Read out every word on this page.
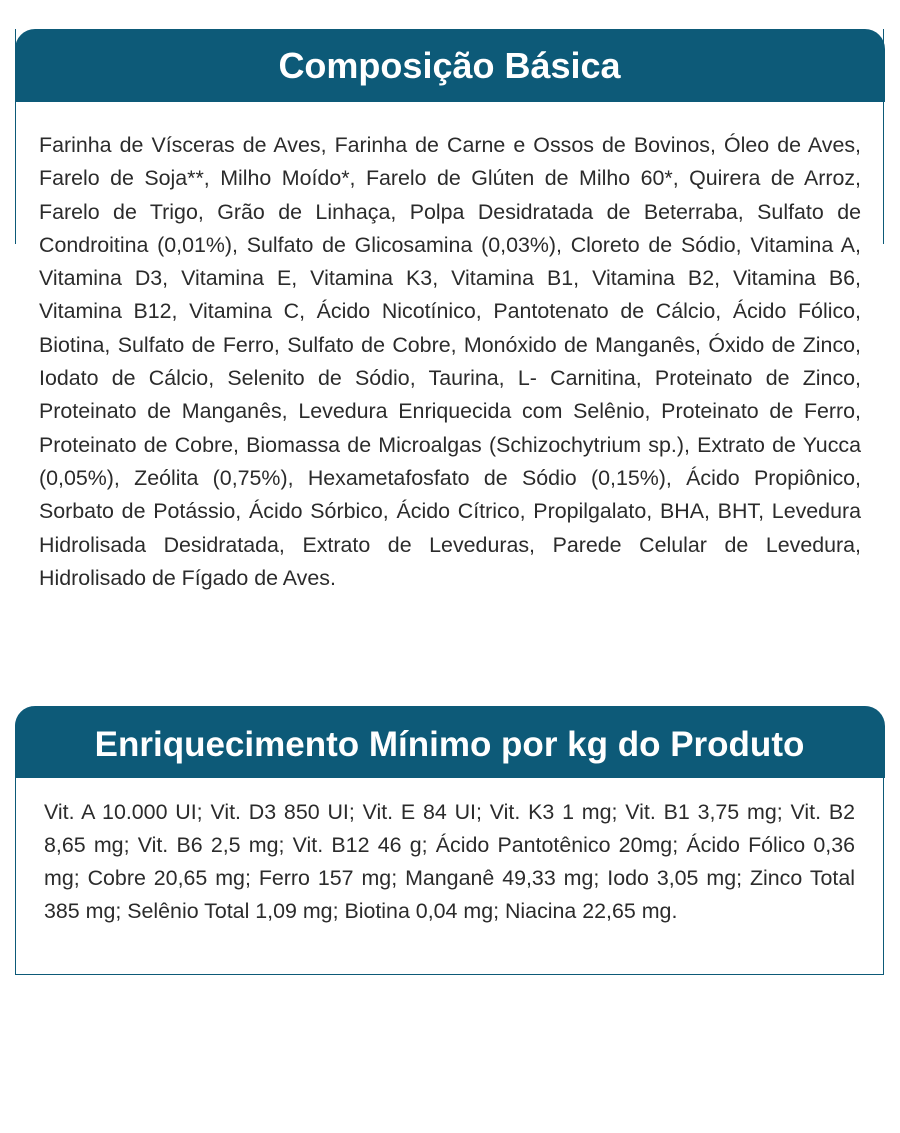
Composição Básica

Farinha de Vísceras de Aves, Farinha de Carne e Ossos de Bovinos, Óleo de Aves, Farelo de Soja**, Milho Moído*, Farelo de Glúten de Milho 60*, Quirera de Arroz, Farelo de Trigo, Grão de Linhaça, Polpa Desidratada de Beterraba, Sulfato de Condroitina (0,01%), Sulfato de Glicosamina (0,03%), Cloreto de Sódio, Vitamina A, Vitamina D3, Vitamina E, Vitamina K3, Vitamina B1, Vitamina B2, Vitamina B6, Vitamina B12, Vitamina C, Ácido Nicotínico, Pantotenato de Cálcio, Ácido Fólico, Biotina, Sulfato de Ferro, Sulfato de Cobre, Monóxido de Manganês, Óxido de Zinco, Iodato de Cálcio, Selenito de Sódio, Taurina, L- Carnitina, Proteinato de Zinco, Proteinato de Manganês, Levedura Enriquecida com Selênio, Proteinato de Ferro, Proteinato de Cobre, Biomassa de Microalgas (Schizochytrium sp.), Extrato de Yucca (0,05%), Zeólita (0,75%), Hexametafosfato de Sódio (0,15%), Ácido Propiônico, Sorbato de Potássio, Ácido Sórbico, Ácido Cítrico, Propilgalato, BHA, BHT, Levedura Hidrolisada Desidratada, Extrato de Leveduras, Parede Celular de Levedura, Hidrolisado de Fígado de Aves.

Enriquecimento Mínimo por kg do Produto
Vit. A 10.000 UI; Vit. D3 850 UI; Vit. E 84 UI; Vit. K3 1 mg; Vit. B1 3,75 mg; Vit. B2 8,65 mg; Vit. B6 2,5 mg; Vit. B12 46 g; Ácido Pantotênico 20mg; Ácido Fólico 0,36 mg; Cobre 20,65 mg; Ferro 157 mg; Manganê 49,33 mg; Iodo 3,05 mg; Zinco Total 385 mg; Selênio Total 1,09 mg; Biotina 0,04 mg; Niacina 22,65 mg.
